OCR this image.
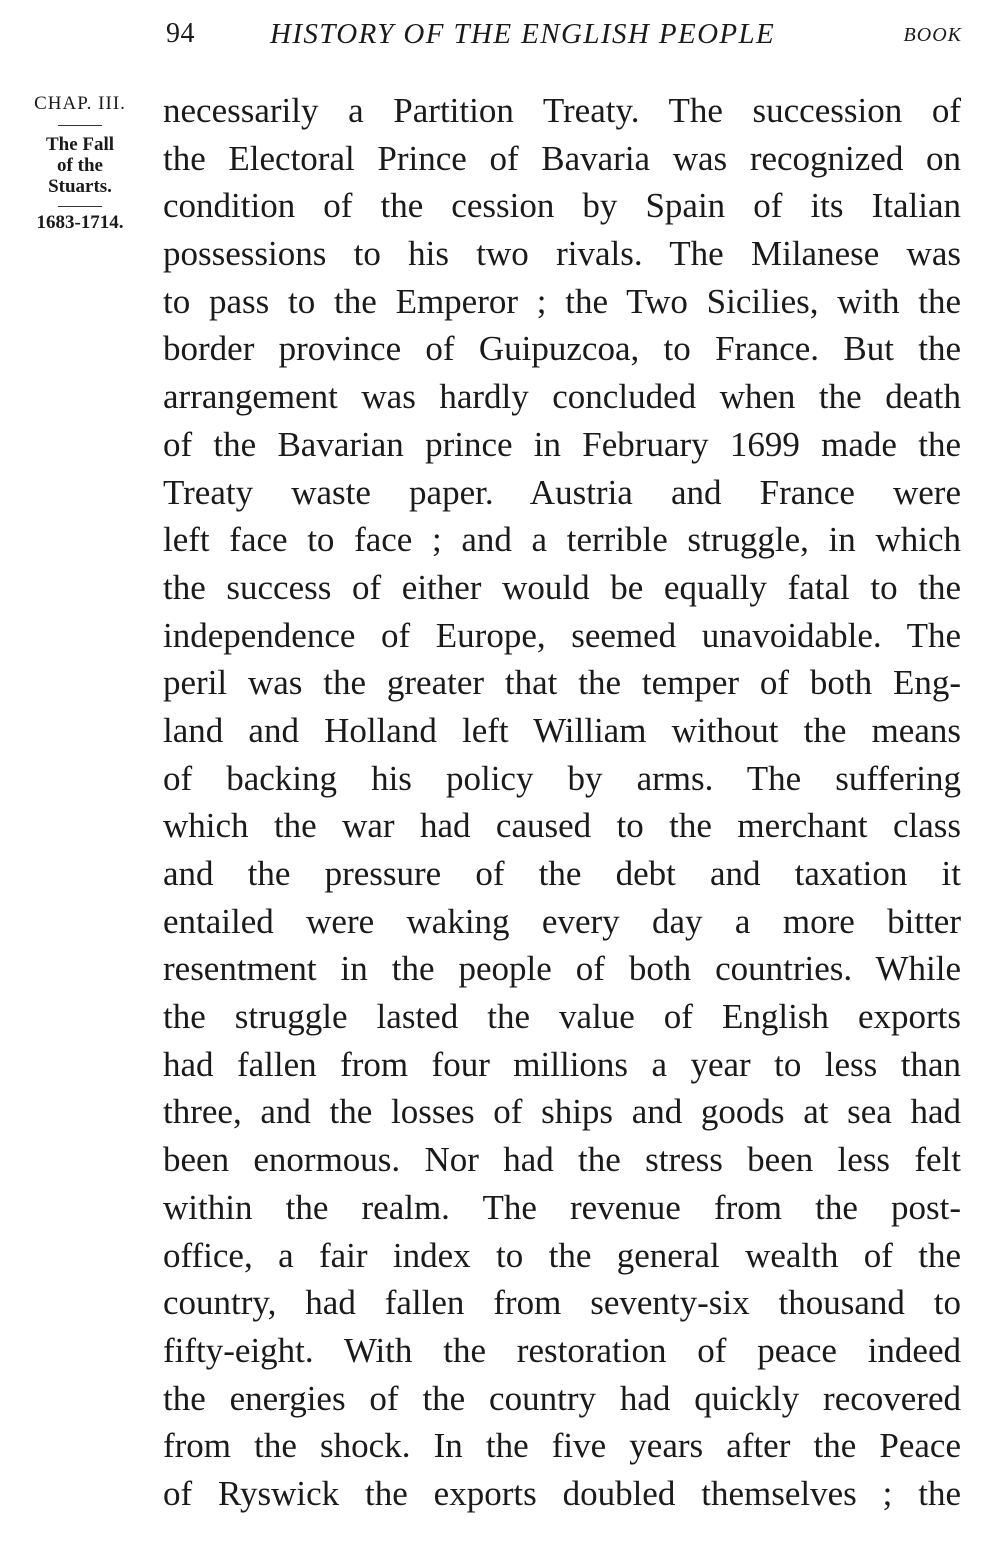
94	HISTORY OF THE ENGLISH PEOPLE	BOOK
CHAP. III.
The Fall
of the
Stuarts.
1683-1714.
necessarily a Partition Treaty. The succession of
the Electoral Prince of Bavaria was recognized on
condition of the cession by Spain of its Italian
possessions to his two rivals. The Milanese was
to pass to the Emperor ; the Two Sicilies, with the
border province of Guipuzcoa, to France. But the
arrangement was hardly concluded when the death
of the Bavarian prince in February 1699 made the
Treaty waste paper. Austria and France were
left face to face ; and a terrible struggle, in which
the success of either would be equally fatal to the
independence of Europe, seemed unavoidable. The
peril was the greater that the temper of both Eng-
land and Holland left William without the means
of backing his policy by arms. The suffering
which the war had caused to the merchant class
and the pressure of the debt and taxation it
entailed were waking every day a more bitter
resentment in the people of both countries. While
the struggle lasted the value of English exports
had fallen from four millions a year to less than
three, and the losses of ships and goods at sea had
been enormous. Nor had the stress been less felt
within the realm. The revenue from the post-
office, a fair index to the general wealth of the
country, had fallen from seventy-six thousand to
fifty-eight. With the restoration of peace indeed
the energies of the country had quickly recovered
from the shock. In the five years after the Peace
of Ryswick the exports doubled themselves ; the
